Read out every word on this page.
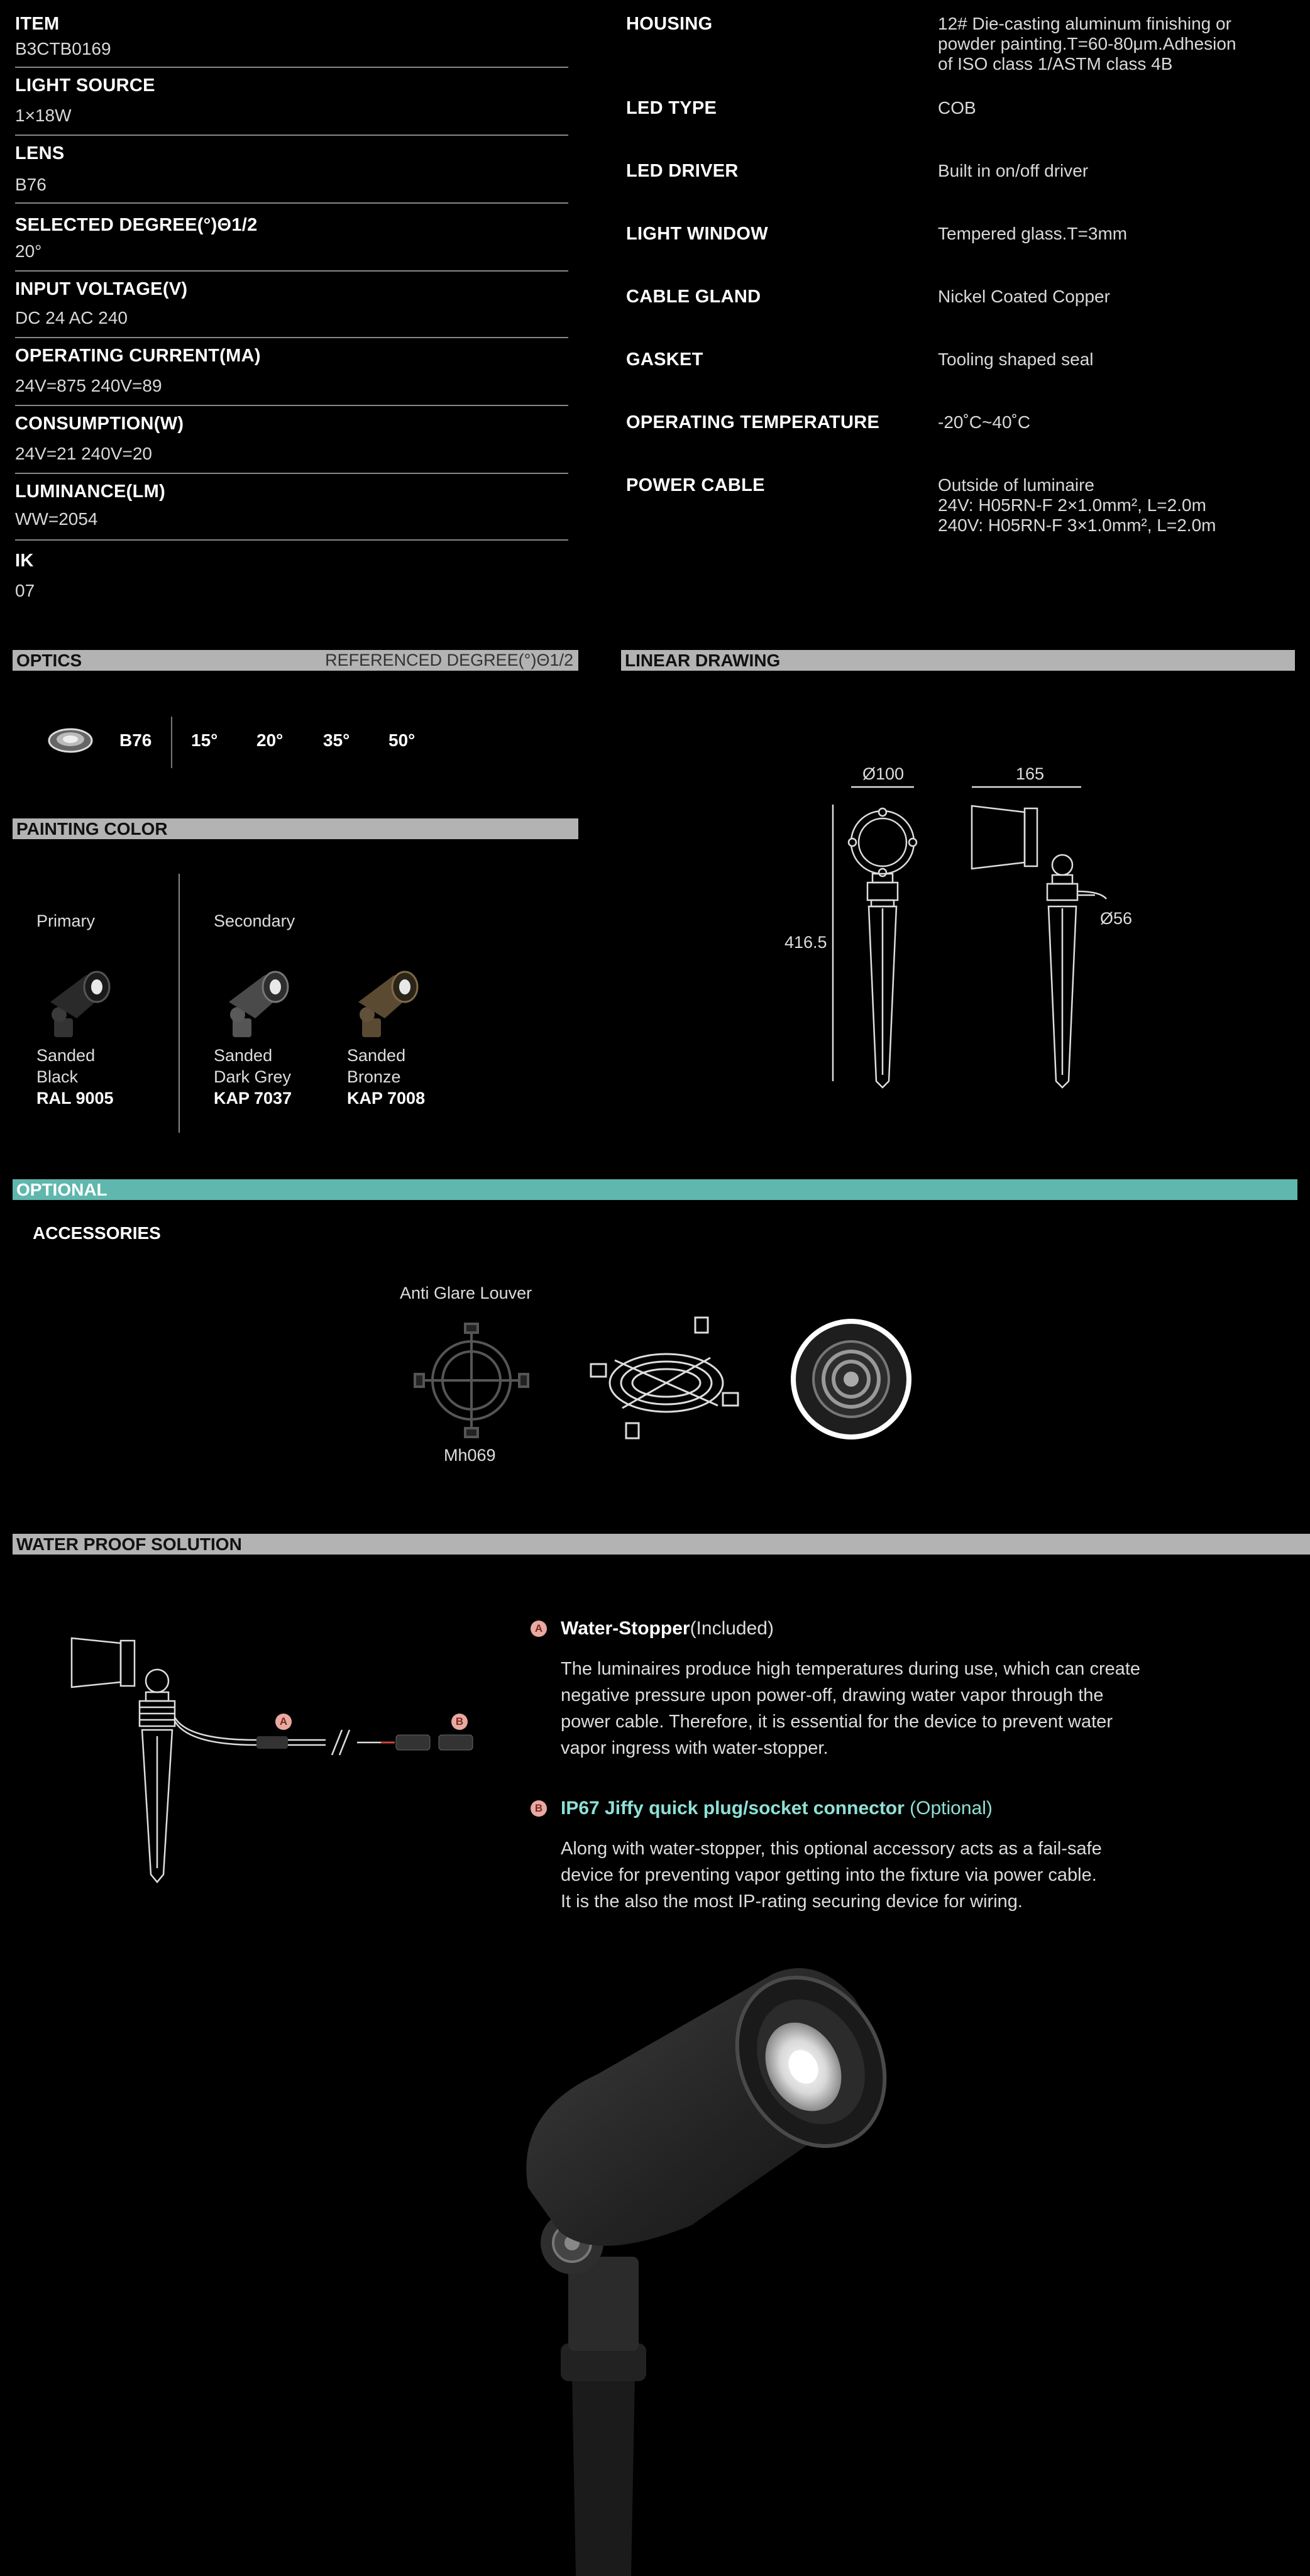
ITEM
B3CTB0169
LIGHT SOURCE
1×18W
LENS
B76
SELECTED DEGREE(°)Θ1/2
20°
INPUT VOLTAGE(V)
DC 24 AC 240
OPERATING CURRENT(MA)
24V=875 240V=89
CONSUMPTION(W)
24V=21 240V=20
LUMINANCE(LM)
WW=2054
IK
07
HOUSING	12# Die-casting aluminum finishing or
powder painting.T=60-80μm.Adhesion
of ISO class 1/ASTM class 4B
LED TYPE	COB
LED DRIVER	Built in on/off driver
LIGHT WINDOW	Tempered glass.T=3mm
CABLE GLAND	Nickel Coated Copper
GASKET	Tooling shaped seal
OPERATING TEMPERATURE	-20˚C~40˚C
POWER CABLE	Outside of luminaire
24V: H05RN-F 2×1.0mm², L=2.0m
240V: H05RN-F 3×1.0mm², L=2.0m
OPTICS	REFERENCED DEGREE(°)Θ1/2
B76 15° 20° 35° 50°
PAINTING COLOR
Primary	Secondary
Sanded
Black
RAL 9005
Sanded
Dark Grey
KAP 7037
Sanded
Bronze
KAP 7008
LINEAR DRAWING
Ø100	165
416.5
Ø56
OPTIONAL
ACCESSORIES
Anti Glare Louver
Mh069
WATER PROOF SOLUTION
A	B
A Water-Stopper(Included)
The luminaires produce high temperatures during use, which can create
negative pressure upon power-off, drawing water vapor through the
power cable. Therefore, it is essential for the device to prevent water
vapor ingress with water-stopper.
B IP67 Jiffy quick plug/socket connector (Optional)
Along with water-stopper, this optional accessory acts as a fail-safe
device for preventing vapor getting into the fixture via power cable.
It is the also the most IP-rating securing device for wiring.
